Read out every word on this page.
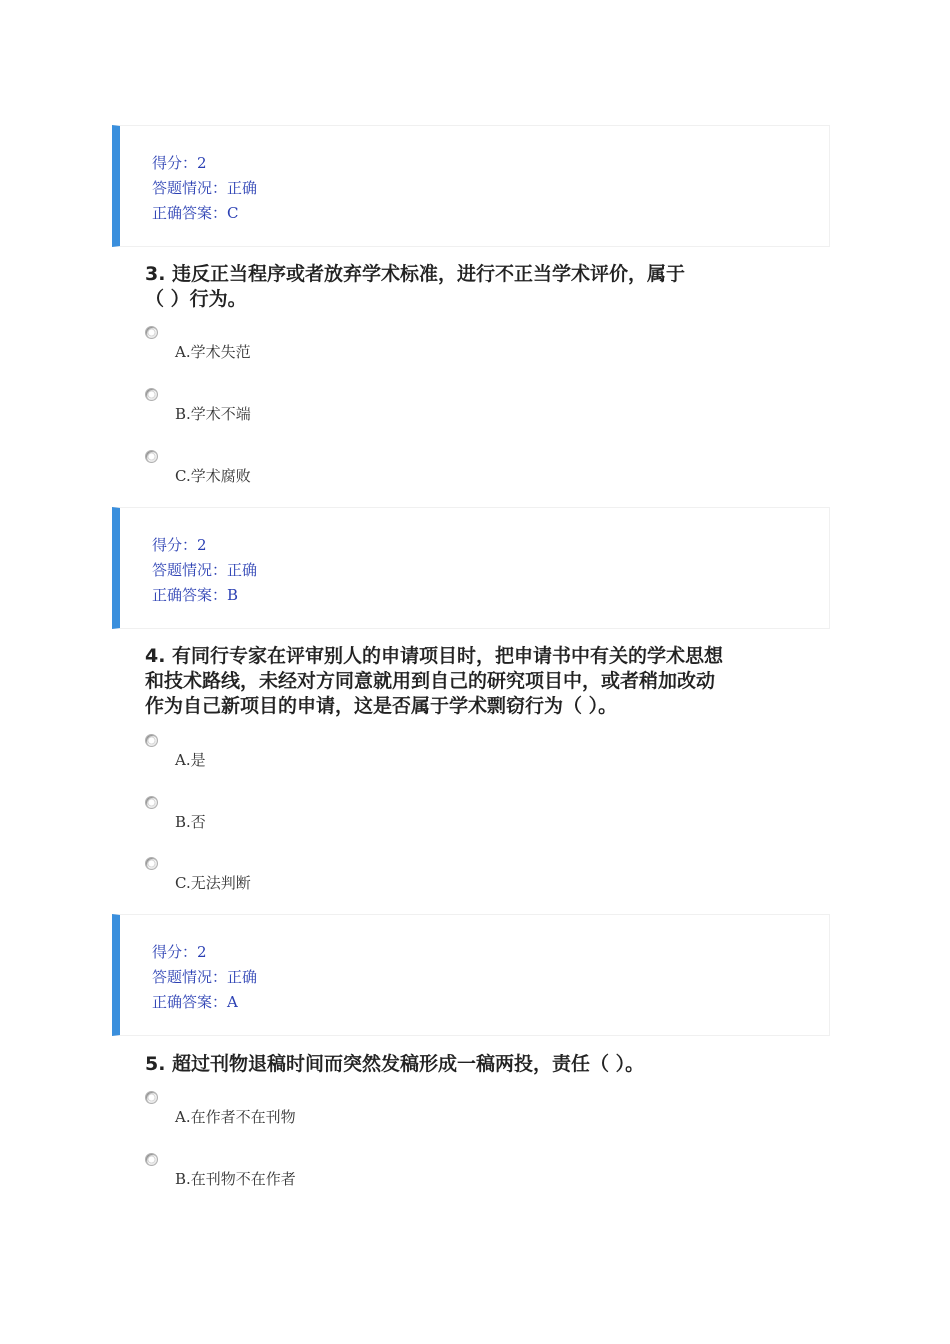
得分：2
答题情况：正确
正确答案：C
3. 违反正当程序或者放弃学术标准，进行不正当学术评价，属于
（ ）行为。
A.学术失范
B.学术不端
C.学术腐败
得分：2
答题情况：正确
正确答案：B
4. 有同行专家在评审别人的申请项目时，把申请书中有关的学术思想
和技术路线，未经对方同意就用到自己的研究项目中，或者稍加改动
作为自己新项目的申请，这是否属于学术剽窃行为（ ）。
A.是
B.否
C.无法判断
得分：2
答题情况：正确
正确答案：A
5. 超过刊物退稿时间而突然发稿形成一稿两投，责任（ ）。
A.在作者不在刊物
B.在刊物不在作者
